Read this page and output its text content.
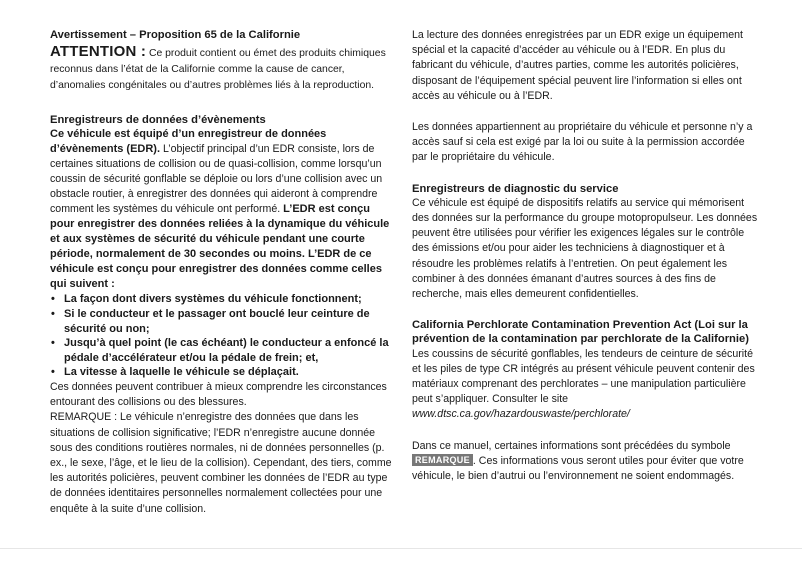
Avertissement – Proposition 65 de la Californie

ATTENTION : Ce produit contient ou émet des produits chimiques reconnus dans l’état de la Californie comme la cause de cancer, d’anomalies congénitales ou d’autres problèmes liés à la reproduction.

Enregistreurs de données d’évènements

Ce véhicule est équipé d’un enregistreur de données d’évènements (EDR). L’objectif principal d’un EDR consiste, lors de certaines situations de collision ou de quasi-collision, comme lorsqu’un coussin de sécurité gonflable se déploie ou lors d’une collision avec un obstacle routier, à enregistrer des données qui aideront à comprendre comment les systèmes du véhicule ont performé. L’EDR est conçu pour enregistrer des données reliées à la dynamique du véhicule et aux systèmes de sécurité du véhicule pendant une courte période, normalement de 30 secondes ou moins. L’EDR de ce véhicule est conçu pour enregistrer des données comme celles qui suivent :

• La façon dont divers systèmes du véhicule fonctionnent;
• Si le conducteur et le passager ont bouclé leur ceinture de sécurité ou non;
• Jusqu’à quel point (le cas échéant) le conducteur a enfoncé la pédale d’accélérateur et/ou la pédale de frein; et,
• La vitesse à laquelle le véhicule se déplaçait.

Ces données peuvent contribuer à mieux comprendre les circonstances entourant des collisions ou des blessures.

REMARQUE : Le véhicule n’enregistre des données que dans les situations de collision significative; l’EDR n’enregistre aucune donnée sous des conditions routières normales, ni de données personnelles (p. ex., le sexe, l’âge, et le lieu de la collision). Cependant, des tiers, comme les autorités policières, peuvent combiner les données de l’EDR au type de données identitaires personnelles normalement collectées pour une enquête à la suite d’une collision.

La lecture des données enregistrées par un EDR exige un équipement spécial et la capacité d’accéder au véhicule ou à l’EDR. En plus du fabricant du véhicule, d’autres parties, comme les autorités policières, disposant de l’équipement spécial peuvent lire l’information si elles ont accès au véhicule ou à l’EDR.

Les données appartiennent au propriétaire du véhicule et personne n’y a accès sauf si cela est exigé par la loi ou suite à la permission accordée par le propriétaire du véhicule.

Enregistreurs de diagnostic du service

Ce véhicule est équipé de dispositifs relatifs au service qui mémorisent des données sur la performance du groupe motopropulseur. Les données peuvent être utilisées pour vérifier les exigences légales sur le contrôle des émissions et/ou pour aider les techniciens à diagnostiquer et à résoudre les problèmes relatifs à l’entretien. On peut également les combiner à des données émanant d’autres sources à des fins de recherche, mais elles demeurent confidentielles.

California Perchlorate Contamination Prevention Act (Loi sur la prévention de la contamination par perchlorate de la Californie)

Les coussins de sécurité gonflables, les tendeurs de ceinture de sécurité et les piles de type CR intégrés au présent véhicule peuvent contenir des matériaux comprenant des perchlorates – une manipulation particulière peut s’appliquer. Consulter le site www.dtsc.ca.gov/hazardouswaste/perchlorate/

Dans ce manuel, certaines informations sont précédées du symbole REMARQUE . Ces informations vous seront utiles pour éviter que votre véhicule, le bien d’autrui ou l’environnement ne soient endommagés.
